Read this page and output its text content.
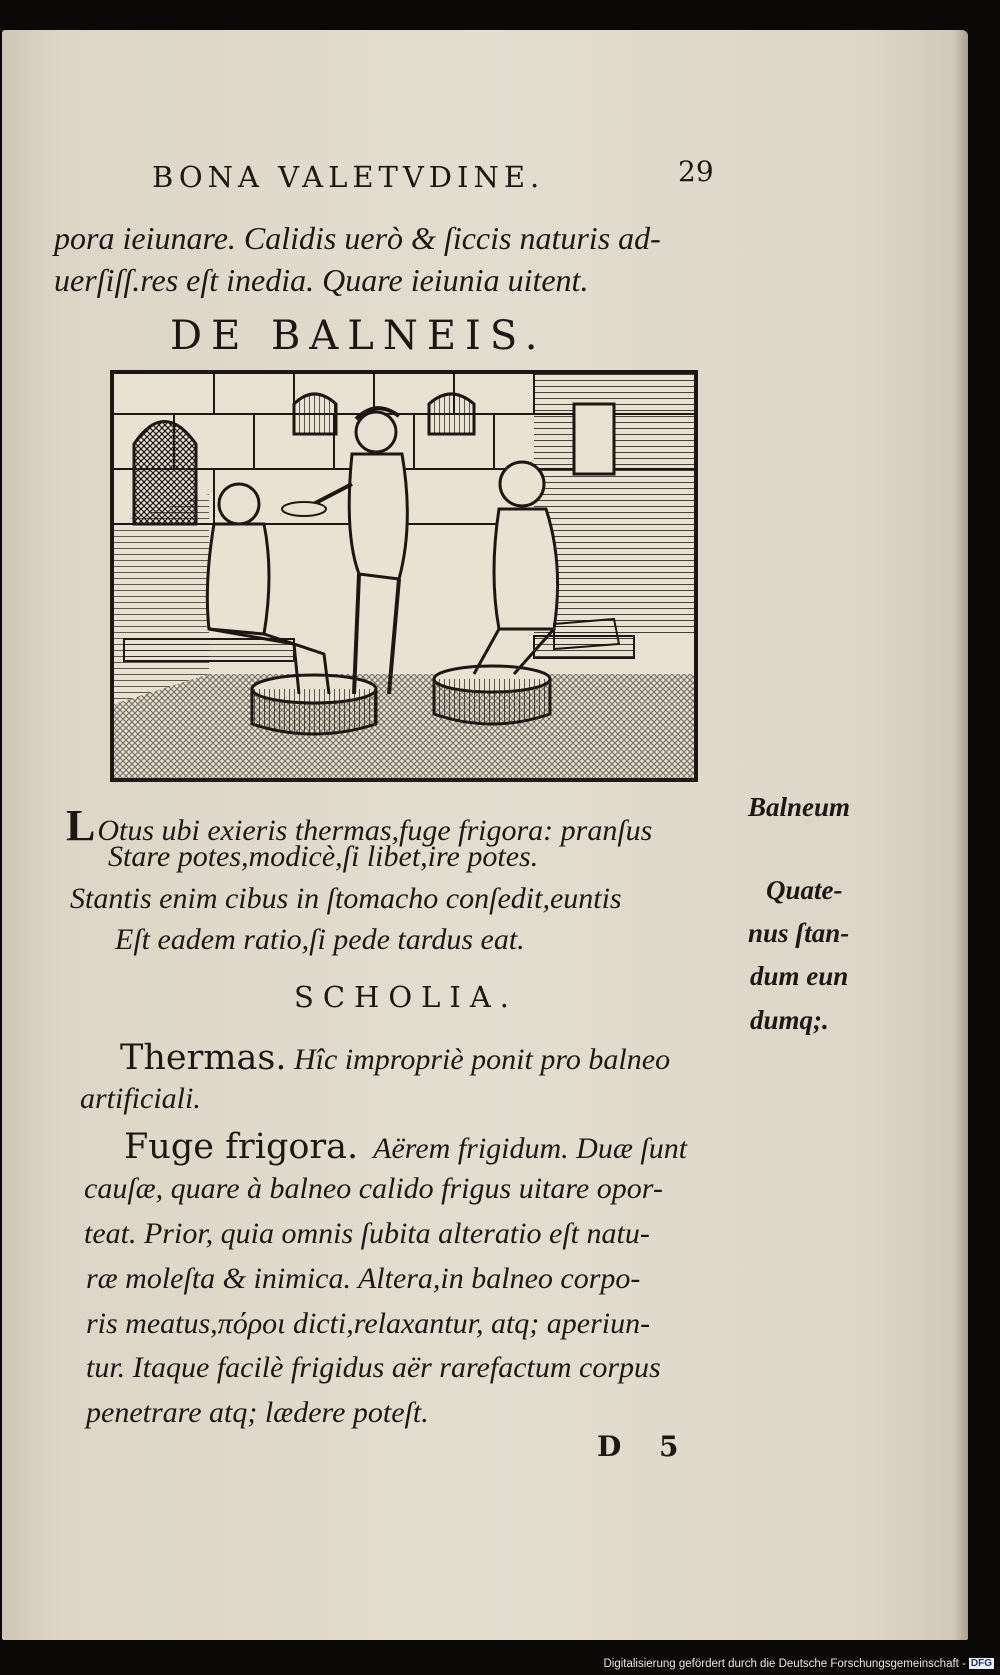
BONA VALETVDINE.	29
pora ieiunare. Calidis uerò & ſiccis naturis ad-
uerſiſſ.res eſt inedia. Quare ieiunia uitent.
DE BALNEIS.
LOtus ubi exieris thermas,fuge frigora: pranſus
Stare potes,modicè,ſi libet,ire potes.
Stantis enim cibus in ſtomacho conſedit,euntis
Eſt eadem ratio,ſi pede tardus eat.
Balneum
Quate-
nus ſtan-
dum eun
dumq;.
SCHOLIA.
Thermas. Hîc impropriè ponit pro balneo
artificiali.
Fuge frigora. Aërem frigidum. Duæ ſunt
cauſæ, quare à balneo calido frigus uitare opor-
teat. Prior, quia omnis ſubita alteratio eſt natu-
ræ moleſta & inimica. Altera,in balneo corpo-
ris meatus,πόροι dicti,relaxantur, atq; aperiun-
tur. Itaque facilè frigidus aër rarefactum corpus
penetrare atq; lædere poteſt.
D 5
Digitalisierung gefördert durch die Deutsche Forschungsgemeinschaft - DFG
